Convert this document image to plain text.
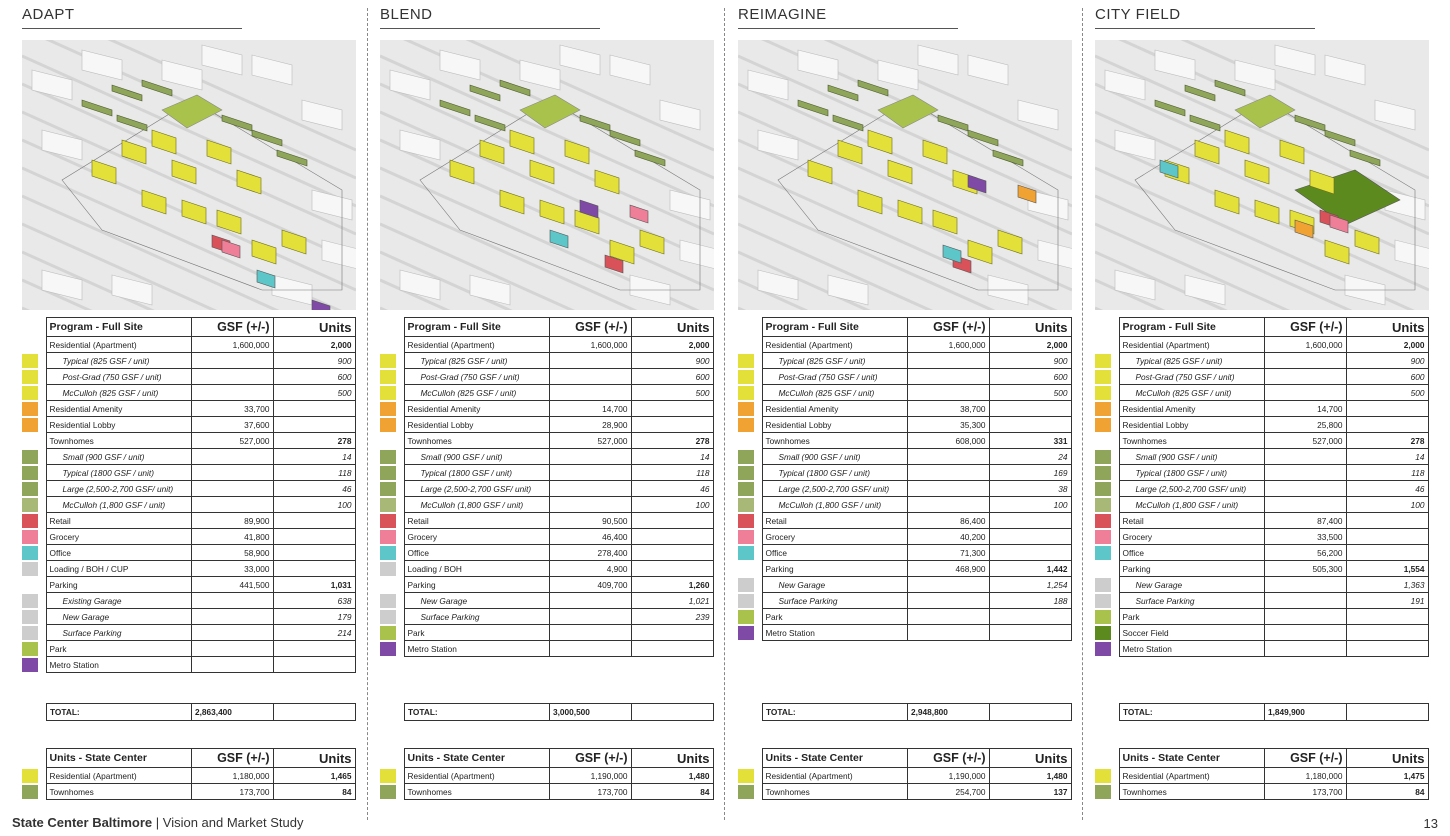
ADAPT
		Program - Full Site	GSF (+/-)	Units
		Residential (Apartment)	1,600,000	2,000

		Typical (825 GSF / unit)		900

		Post-Grad (750 GSF / unit)		600

		McCulloh (825 GSF / unit)		500

		Residential Amenity	33,700	

		Residential Lobby	37,600	
		Townhomes	527,000	278

		Small (900 GSF / unit)		14

		Typical (1800 GSF / unit)		118

		Large (2,500-2,700 GSF/ unit)		46

		McCulloh (1,800 GSF / unit)		100

		Retail	89,900	

		Grocery	41,800	

		Office	58,900	

		Loading / BOH / CUP	33,000	
		Parking	441,500	1,031

		Existing Garage		638

		New Garage		179

		Surface Parking		214

		Park		

		Metro Station		
TOTAL:	2,863,400	
		Units - State Center	GSF (+/-)	Units

		Residential (Apartment)	1,180,000	1,465

		Townhomes	173,700	84
BLEND
		Program - Full Site	GSF (+/-)	Units
		Residential (Apartment)	1,600,000	2,000

		Typical (825 GSF / unit)		900

		Post-Grad (750 GSF / unit)		600

		McCulloh (825 GSF / unit)		500

		Residential Amenity	14,700	

		Residential Lobby	28,900	
		Townhomes	527,000	278

		Small (900 GSF / unit)		14

		Typical (1800 GSF / unit)		118

		Large (2,500-2,700 GSF/ unit)		46

		McCulloh (1,800 GSF / unit)		100

		Retail	90,500	

		Grocery	46,400	

		Office	278,400	

		Loading / BOH	4,900	
		Parking	409,700	1,260

		New Garage		1,021

		Surface Parking		239

		Park		

		Metro Station		
TOTAL:	3,000,500	
		Units - State Center	GSF (+/-)	Units

		Residential (Apartment)	1,190,000	1,480

		Townhomes	173,700	84
REIMAGINE
		Program - Full Site	GSF (+/-)	Units
		Residential (Apartment)	1,600,000	2,000

		Typical (825 GSF / unit)		900

		Post-Grad (750 GSF / unit)		600

		McCulloh (825 GSF / unit)		500

		Residential Amenity	38,700	

		Residential Lobby	35,300	
		Townhomes	608,000	331

		Small (900 GSF / unit)		24

		Typical (1800 GSF / unit)		169

		Large (2,500-2,700 GSF/ unit)		38

		McCulloh (1,800 GSF / unit)		100

		Retail	86,400	

		Grocery	40,200	

		Office	71,300	
		Parking	468,900	1,442

		New Garage		1,254

		Surface Parking		188

		Park		

		Metro Station		
TOTAL:	2,948,800	
		Units - State Center	GSF (+/-)	Units

		Residential (Apartment)	1,190,000	1,480

		Townhomes	254,700	137
CITY FIELD
		Program - Full Site	GSF (+/-)	Units
		Residential (Apartment)	1,600,000	2,000

		Typical (825 GSF / unit)		900

		Post-Grad (750 GSF / unit)		600

		McCulloh (825 GSF / unit)		500

		Residential Amenity	14,700	

		Residential Lobby	25,800	
		Townhomes	527,000	278

		Small (900 GSF / unit)		14

		Typical (1800 GSF / unit)		118

		Large (2,500-2,700 GSF/ unit)		46

		McCulloh (1,800 GSF / unit)		100

		Retail	87,400	

		Grocery	33,500	

		Office	56,200	
		Parking	505,300	1,554

		New Garage		1,363

		Surface Parking		191

		Park		

		Soccer Field		

		Metro Station		
TOTAL:	1,849,900	
		Units - State Center	GSF (+/-)	Units

		Residential (Apartment)	1,180,000	1,475

		Townhomes	173,700	84
State Center Baltimore | Vision and Market Study	13
